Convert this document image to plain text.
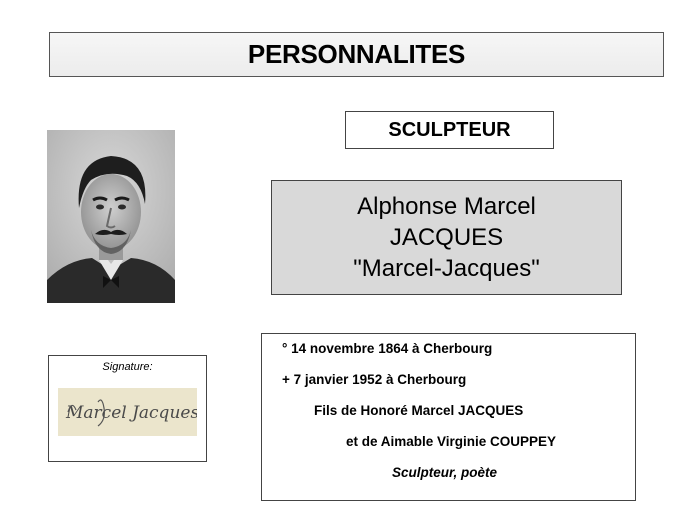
PERSONNALITES
SCULPTEUR
Alphonse Marcel
JACQUES
"Marcel-Jacques"
Signature:
Marcel Jacques
° 14 novembre 1864 à Cherbourg
+ 7 janvier 1952 à Cherbourg
Fils de Honoré Marcel JACQUES
et de Aimable Virginie COUPPEY
Sculpteur, poète
